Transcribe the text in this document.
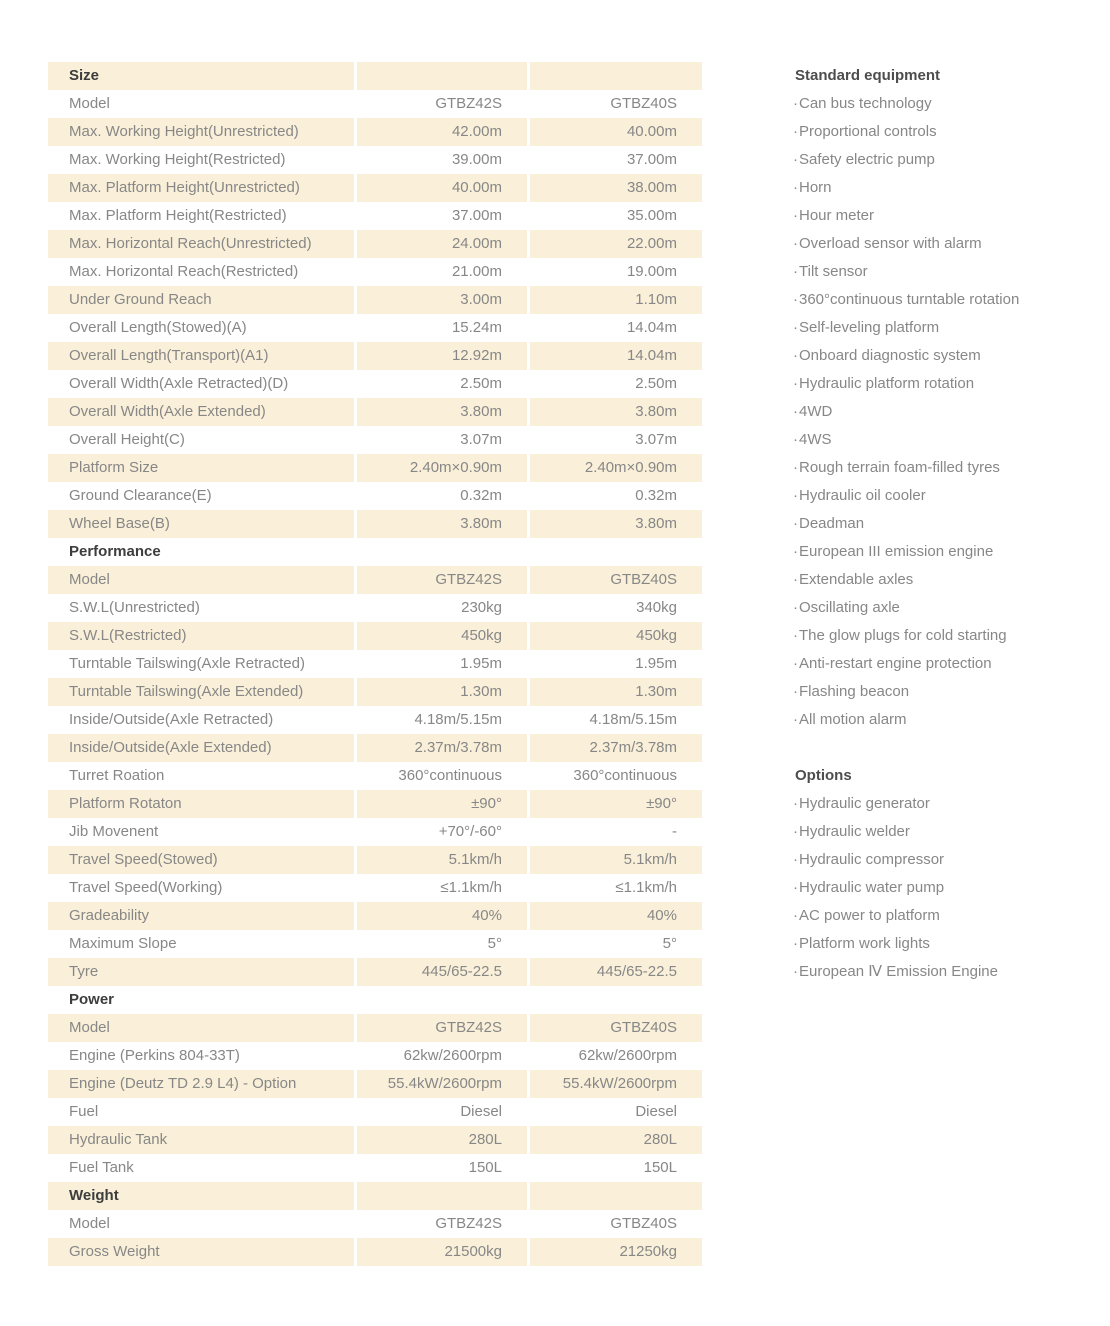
Size
Model	GTBZ42S	GTBZ40S
Max. Working Height(Unrestricted)	42.00m	40.00m
Max. Working Height(Restricted)	39.00m	37.00m
Max. Platform Height(Unrestricted)	40.00m	38.00m
Max. Platform Height(Restricted)	37.00m	35.00m
Max. Horizontal Reach(Unrestricted)	24.00m	22.00m
Max. Horizontal Reach(Restricted)	21.00m	19.00m
Under Ground Reach	3.00m	1.10m
Overall Length(Stowed)(A)	15.24m	14.04m
Overall Length(Transport)(A1)	12.92m	14.04m
Overall Width(Axle Retracted)(D)	2.50m	2.50m
Overall Width(Axle Extended)	3.80m	3.80m
Overall Height(C)	3.07m	3.07m
Platform Size	2.40m×0.90m	2.40m×0.90m
Ground Clearance(E)	0.32m	0.32m
Wheel Base(B)	3.80m	3.80m
Performance
Model	GTBZ42S	GTBZ40S
S.W.L(Unrestricted)	230kg	340kg
S.W.L(Restricted)	450kg	450kg
Turntable Tailswing(Axle Retracted)	1.95m	1.95m
Turntable Tailswing(Axle Extended)	1.30m	1.30m
Inside/Outside(Axle Retracted)	4.18m/5.15m	4.18m/5.15m
Inside/Outside(Axle Extended)	2.37m/3.78m	2.37m/3.78m
Turret Roation	360°continuous	360°continuous
Platform Rotaton	±90°	±90°
Jib Movenent	+70°/-60°	-
Travel Speed(Stowed)	5.1km/h	5.1km/h
Travel Speed(Working)	≤1.1km/h	≤1.1km/h
Gradeability	40%	40%
Maximum Slope	5°	5°
Tyre	445/65-22.5	445/65-22.5
Power
Model	GTBZ42S	GTBZ40S
Engine (Perkins 804-33T)	62kw/2600rpm	62kw/2600rpm
Engine (Deutz TD 2.9 L4) - Option	55.4kW/2600rpm	55.4kW/2600rpm
Fuel	Diesel	Diesel
Hydraulic Tank	280L	280L
Fuel Tank	150L	150L
Weight
Model	GTBZ42S	GTBZ40S
Gross Weight	21500kg	21250kg
Standard equipment
·Can bus technology
·Proportional controls
·Safety electric pump
·Horn
·Hour meter
·Overload sensor with alarm
·Tilt sensor
·360°continuous turntable rotation
·Self-leveling platform
·Onboard diagnostic system
·Hydraulic platform rotation
·4WD
·4WS
·Rough terrain foam-filled tyres
·Hydraulic oil cooler
·Deadman
·European III emission engine
·Extendable axles
·Oscillating axle
·The glow plugs for cold starting
·Anti-restart engine protection
·Flashing beacon
·All motion alarm
Options
·Hydraulic generator
·Hydraulic welder
·Hydraulic compressor
·Hydraulic water pump
·AC power to platform
·Platform work lights
·European Ⅳ Emission Engine
